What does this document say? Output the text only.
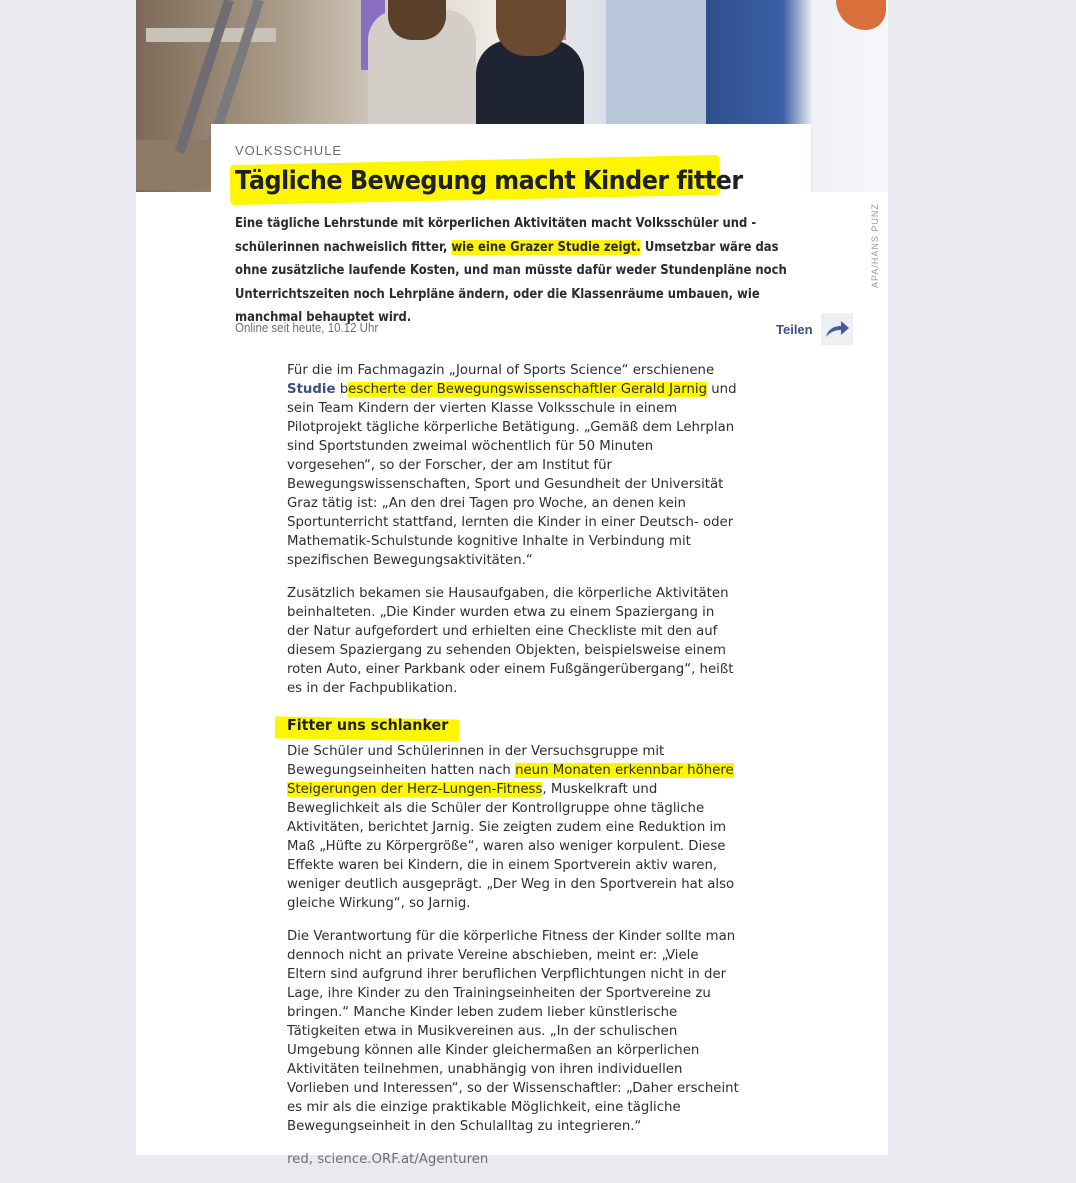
APA/HANS PUNZ
VOLKSSCHULE
Tägliche Bewegung macht Kinder fitter
Eine tägliche Lehrstunde mit körperlichen Aktivitäten macht Volksschüler und -schülerinnen nachweislich fitter, wie eine Grazer Studie zeigt. Umsetzbar wäre das ohne zusätzliche laufende Kosten, und man müsste dafür weder Stundenpläne noch Unterrichtszeiten noch Lehrpläne ändern, oder die Klassenräume umbauen, wie manchmal behauptet wird.
Online seit heute, 10.12 Uhr	Teilen

Für die im Fachmagazin „Journal of Sports Science“ erschienene Studie bescherte der Bewegungswissenschaftler Gerald Jarnig und sein Team Kindern der vierten Klasse Volksschule in einem Pilotprojekt tägliche körperliche Betätigung. „Gemäß dem Lehrplan sind Sportstunden zweimal wöchentlich für 50 Minuten vorgesehen“, so der Forscher, der am Institut für Bewegungswissenschaften, Sport und Gesundheit der Universität Graz tätig ist: „An den drei Tagen pro Woche, an denen kein Sportunterricht stattfand, lernten die Kinder in einer Deutsch- oder Mathematik-Schulstunde kognitive Inhalte in Verbindung mit spezifischen Bewegungsaktivitäten.“

Zusätzlich bekamen sie Hausaufgaben, die körperliche Aktivitäten beinhalteten. „Die Kinder wurden etwa zu einem Spaziergang in der Natur aufgefordert und erhielten eine Checkliste mit den auf diesem Spaziergang zu sehenden Objekten, beispielsweise einem roten Auto, einer Parkbank oder einem Fußgängerübergang“, heißt es in der Fachpublikation.

Fitter uns schlanker

Die Schüler und Schülerinnen in der Versuchsgruppe mit Bewegungseinheiten hatten nach neun Monaten erkennbar höhere Steigerungen der Herz-Lungen-Fitness, Muskelkraft und Beweglichkeit als die Schüler der Kontrollgruppe ohne tägliche Aktivitäten, berichtet Jarnig. Sie zeigten zudem eine Reduktion im Maß „Hüfte zu Körpergröße“, waren also weniger korpulent. Diese Effekte waren bei Kindern, die in einem Sportverein aktiv waren, weniger deutlich ausgeprägt. „Der Weg in den Sportverein hat also gleiche Wirkung“, so Jarnig.

Die Verantwortung für die körperliche Fitness der Kinder sollte man dennoch nicht an private Vereine abschieben, meint er: „Viele Eltern sind aufgrund ihrer beruflichen Verpflichtungen nicht in der Lage, ihre Kinder zu den Trainingseinheiten der Sportvereine zu bringen.“ Manche Kinder leben zudem lieber künstlerische Tätigkeiten etwa in Musikvereinen aus. „In der schulischen Umgebung können alle Kinder gleichermaßen an körperlichen Aktivitäten teilnehmen, unabhängig von ihren individuellen Vorlieben und Interessen“, so der Wissenschaftler: „Daher erscheint es mir als die einzige praktikable Möglichkeit, eine tägliche Bewegungseinheit in den Schulalltag zu integrieren.“

red, science.ORF.at/Agenturen
